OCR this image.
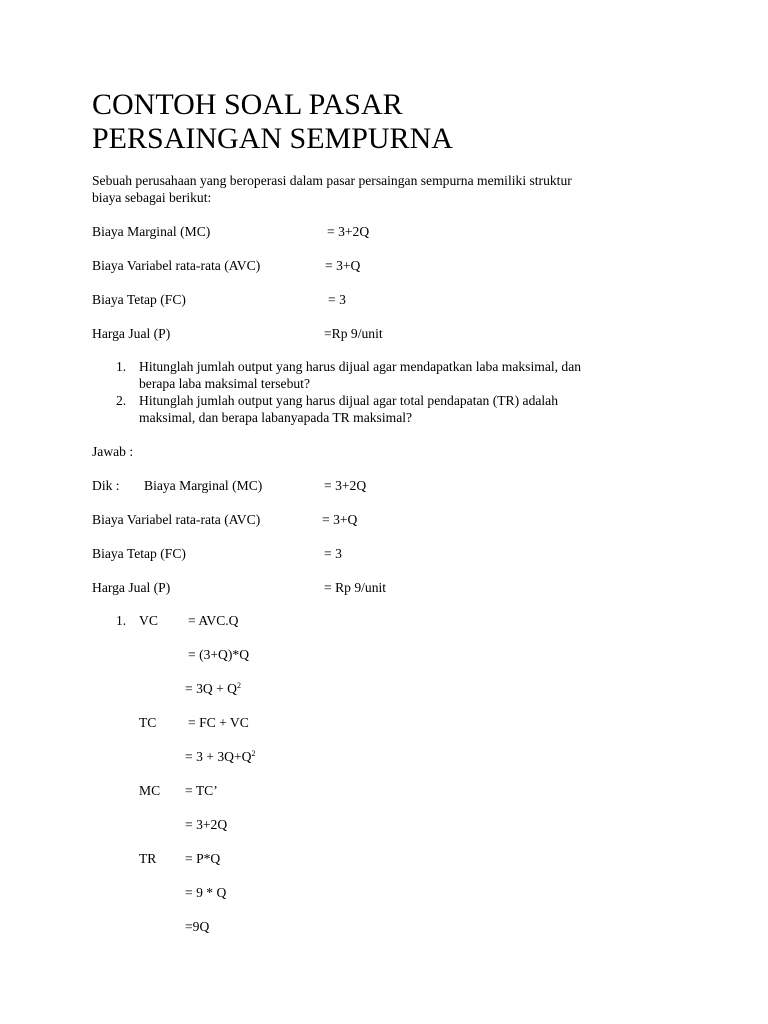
CONTOH SOAL PASAR
PERSAINGAN SEMPURNA
Sebuah perusahaan yang beroperasi dalam pasar persaingan sempurna memiliki struktur
biaya sebagai berikut:
Biaya Marginal (MC)	= 3+2Q
Biaya Variabel rata-rata (AVC)	= 3+Q
Biaya Tetap (FC)	= 3
Harga Jual (P)	=Rp 9/unit
1. Hitunglah jumlah output yang harus dijual agar mendapatkan laba maksimal, dan
berapa laba maksimal tersebut?
2. Hitunglah jumlah output yang harus dijual agar total pendapatan (TR) adalah
maksimal, dan berapa labanyapada TR maksimal?
Jawab :
Dik : Biaya Marginal (MC)	= 3+2Q
Biaya Variabel rata-rata (AVC)	= 3+Q
Biaya Tetap (FC)	= 3
Harga Jual (P)	= Rp 9/unit
1. VC = AVC.Q
= (3+Q)*Q
= $3Q + Q^2$
TC = FC + VC
= $3 + 3Q+Q^2$
MC = TC’
= 3+2Q
TR = P*Q
= 9 * Q
=9Q
